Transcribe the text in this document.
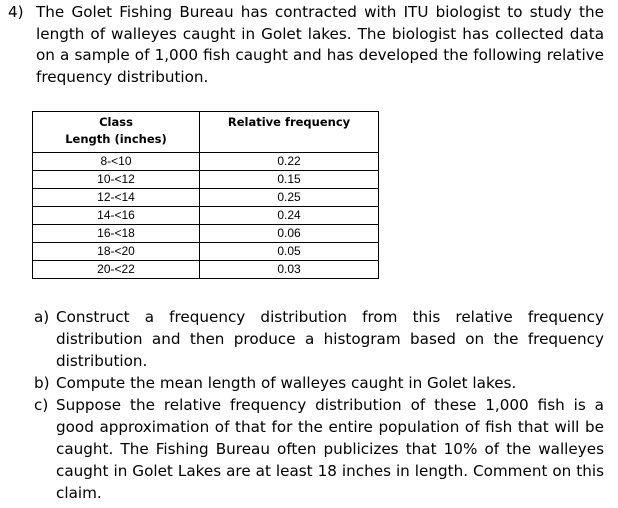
4) The Golet Fishing Bureau has contracted with ITU biologist to study the length of walleyes caught in Golet lakes. The biologist has collected data on a sample of 1,000 fish caught and has developed the following relative frequency distribution.
Class
Length (inches)	Relative frequency
8-<10	0.22
10-<12	0.15
12-<14	0.25
14-<16	0.24
16-<18	0.06
18-<20	0.05
20-<22	0.03
a) Construct a frequency distribution from this relative frequency distribution and then produce a histogram based on the frequency distribution.
b) Compute the mean length of walleyes caught in Golet lakes.
c) Suppose the relative frequency distribution of these 1,000 fish is a good approximation of that for the entire population of fish that will be caught. The Fishing Bureau often publicizes that 10% of the walleyes caught in Golet Lakes are at least 18 inches in length. Comment on this claim.
